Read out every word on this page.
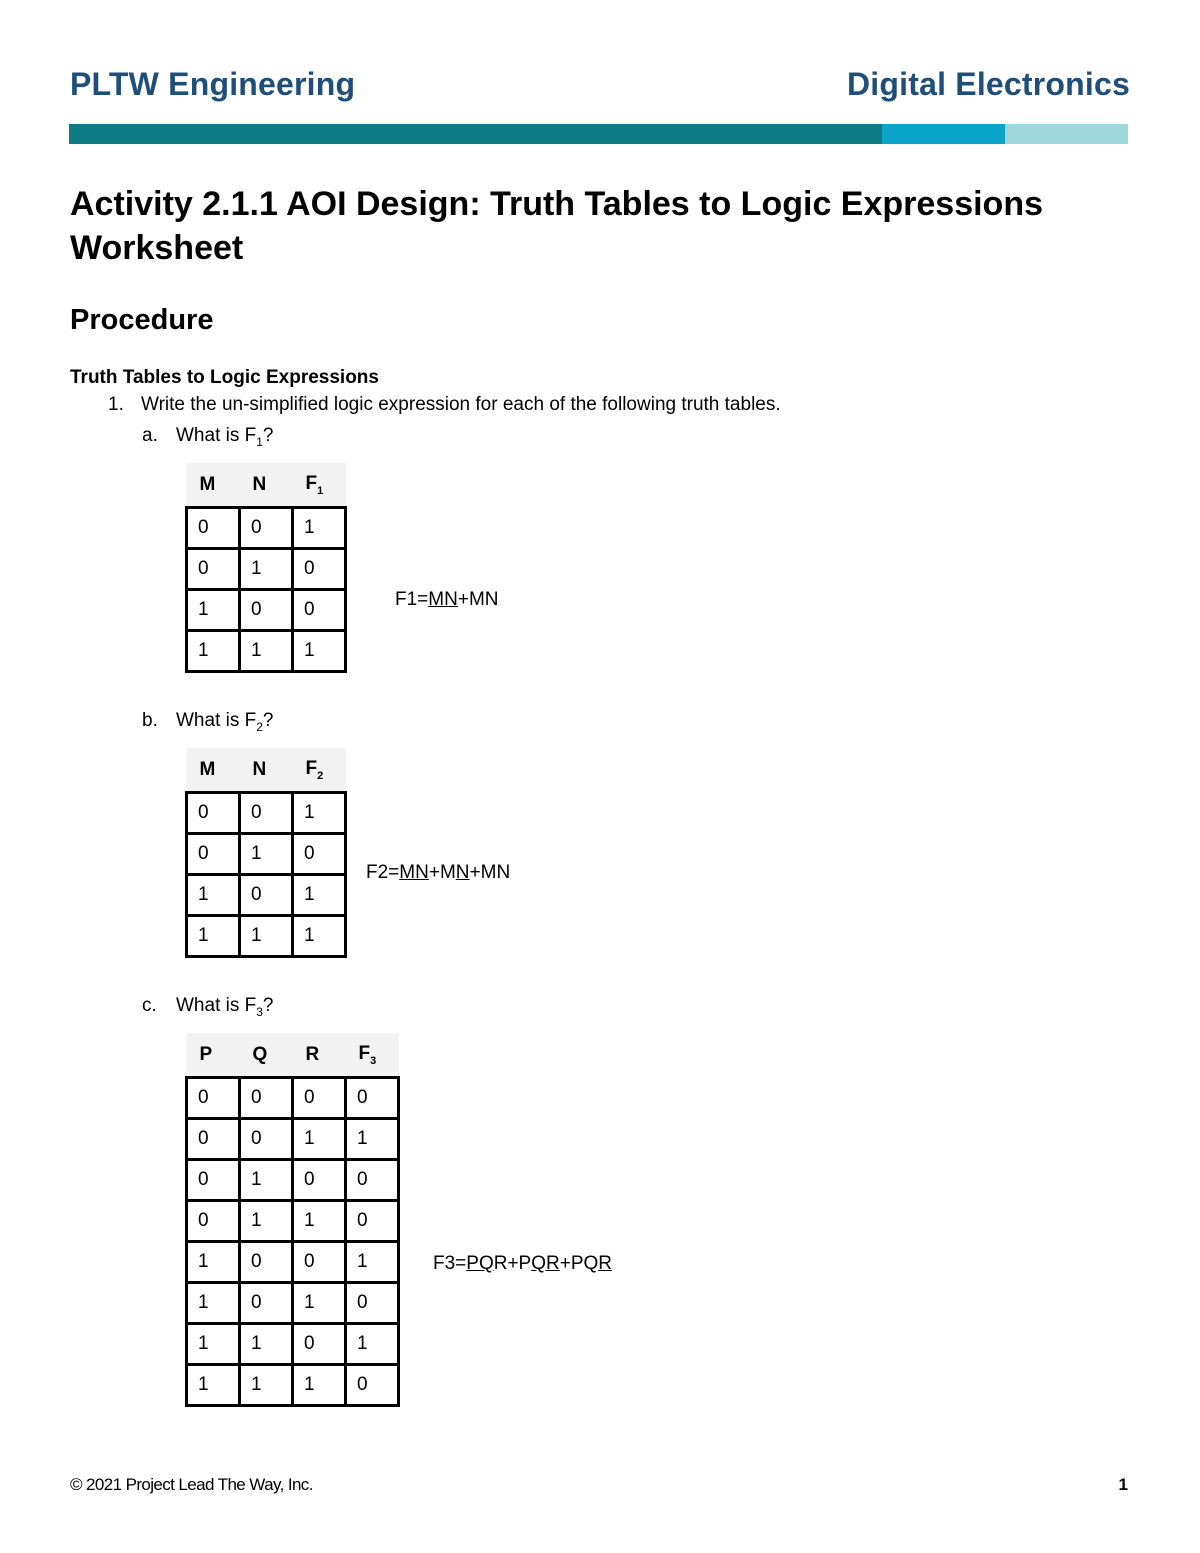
PLTW Engineering	Digital Electronics
Activity 2.1.1 AOI Design: Truth Tables to Logic Expressions Worksheet
Procedure
Truth Tables to Logic Expressions
1. Write the un-simplified logic expression for each of the following truth tables.
a. What is $F_1$?
M	N	$F_1$
0	0	1
0	1	0
1	0	0
1	1	1
F1=MN+MN
b. What is $F_2$?
M	N	$F_2$
0	0	1
0	1	0
1	0	1
1	1	1
F2=MN+MN+MN
c. What is $F_3$?
P	Q	R	$F_3$
0	0	0	0
0	0	1	1
0	1	0	0
0	1	1	0
1	0	0	1
1	0	1	0
1	1	0	1
1	1	1	0
F3=PQR+PQR+PQR
© 2021 Project Lead The Way, Inc.	1
